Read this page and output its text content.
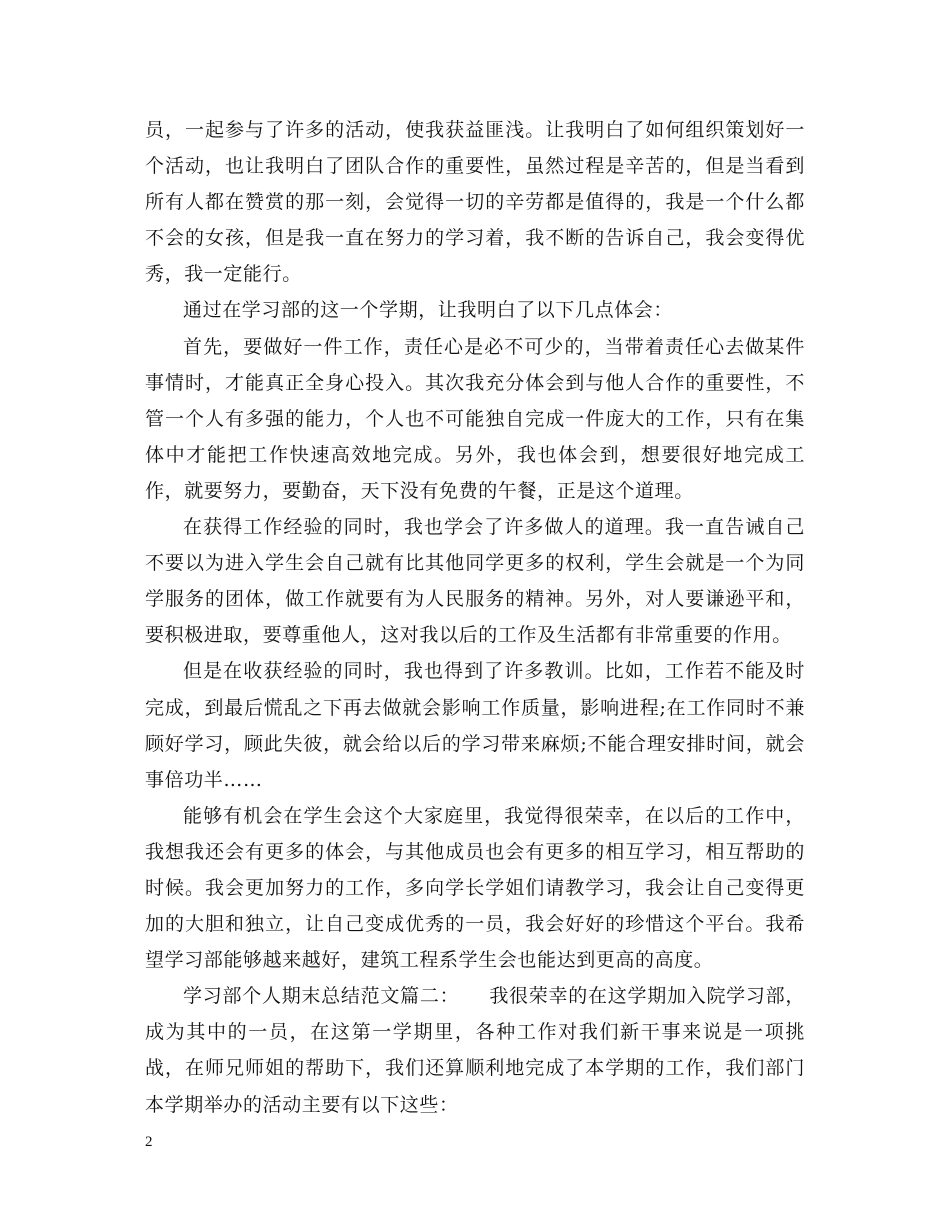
员，一起参与了许多的活动，使我获益匪浅。让我明白了如何组织策划好一个活动，也让我明白了团队合作的重要性，虽然过程是辛苦的，但是当看到所有人都在赞赏的那一刻，会觉得一切的辛劳都是值得的，我是一个什么都不会的女孩，但是我一直在努力的学习着，我不断的告诉自己，我会变得优秀，我一定能行。

通过在学习部的这一个学期，让我明白了以下几点体会：

首先，要做好一件工作，责任心是必不可少的，当带着责任心去做某件事情时，才能真正全身心投入。其次我充分体会到与他人合作的重要性，不管一个人有多强的能力，个人也不可能独自完成一件庞大的工作，只有在集体中才能把工作快速高效地完成。另外，我也体会到，想要很好地完成工作，就要努力，要勤奋，天下没有免费的午餐，正是这个道理。

在获得工作经验的同时，我也学会了许多做人的道理。我一直告诫自己不要以为进入学生会自己就有比其他同学更多的权利，学生会就是一个为同学服务的团体，做工作就要有为人民服务的精神。另外，对人要谦逊平和，要积极进取，要尊重他人，这对我以后的工作及生活都有非常重要的作用。

但是在收获经验的同时，我也得到了许多教训。比如，工作若不能及时完成，到最后慌乱之下再去做就会影响工作质量，影响进程;在工作同时不兼顾好学习，顾此失彼，就会给以后的学习带来麻烦;不能合理安排时间，就会事倍功半……

能够有机会在学生会这个大家庭里，我觉得很荣幸，在以后的工作中，我想我还会有更多的体会，与其他成员也会有更多的相互学习，相互帮助的时候。我会更加努力的工作，多向学长学姐们请教学习，我会让自己变得更加的大胆和独立，让自己变成优秀的一员，我会好好的珍惜这个平台。我希望学习部能够越来越好，建筑工程系学生会也能达到更高的高度。

学习部个人期末总结范文篇二：　　我很荣幸的在这学期加入院学习部，成为其中的一员，在这第一学期里，各种工作对我们新干事来说是一项挑战，在师兄师姐的帮助下，我们还算顺利地完成了本学期的工作，我们部门本学期举办的活动主要有以下这些：

2
